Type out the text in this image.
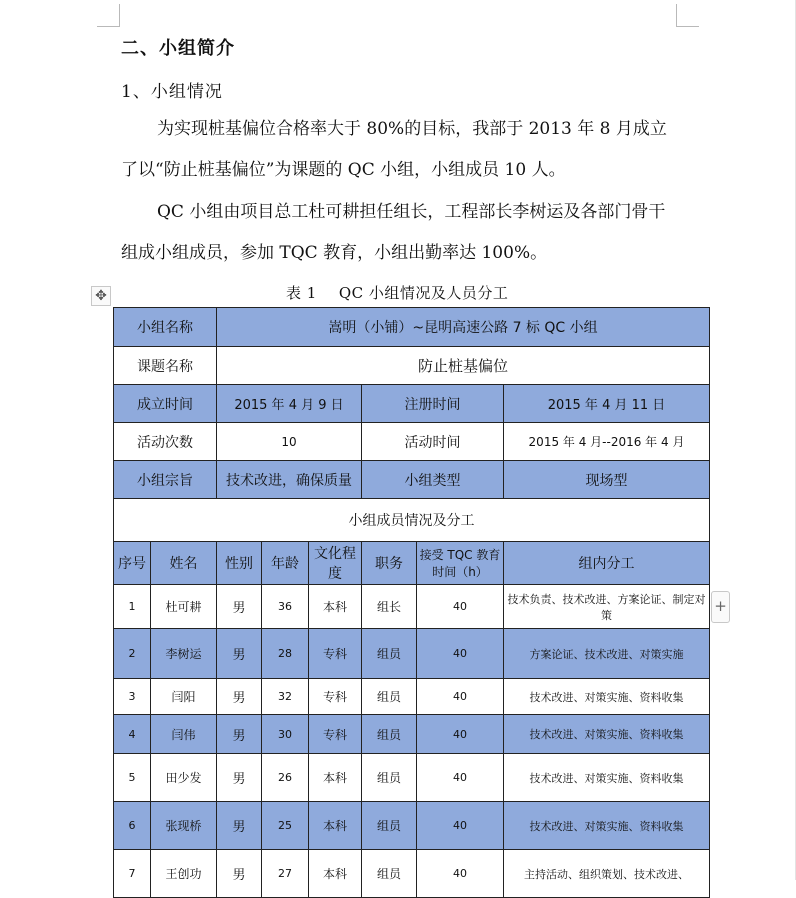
二、小组简介
1、小组情况
为实现桩基偏位合格率大于 80%的目标，我部于 2013 年 8 月成立了以“防止桩基偏位”为课题的 QC 小组，小组成员 10 人。
QC 小组由项目总工杜可耕担任组长，工程部长李树运及各部门骨干组成小组成员，参加 TQC 教育，小组出勤率达 100%。
✥	表 1 QC 小组情况及人员分工
小组名称		嵩明（小铺）~昆明高速公路 7 标 QC 小组					
课题名称		防止桩基偏位					
成立时间		2015 年 4 月 9 日			注册时间		2015 年 4 月 11 日
活动次数		10			活动时间		2015 年 4 月--2016 年 4 月
小组宗旨		技术改进，确保质量			小组类型		现场型
小组成员情况及分工							
序号	姓名	性别	年龄	文化程度	职务	接受 TQC 教育时间（h）	组内分工
1	杜可耕	男	36	本科	组长	40	技术负责、技术改进、方案论证、制定对策
2	李树运	男	28	专科	组员	40	方案论证、技术改进、对策实施
3	闫阳	男	32	专科	组员	40	技术改进、对策实施、资料收集
4	闫伟	男	30	专科	组员	40	技术改进、对策实施、资料收集
5	田少发	男	26	本科	组员	40	技术改进、对策实施、资料收集
6	张现桥	男	25	本科	组员	40	技术改进、对策实施、资料收集
7	王创功	男	27	本科	组员	40	主持活动、组织策划、技术改进、
+
